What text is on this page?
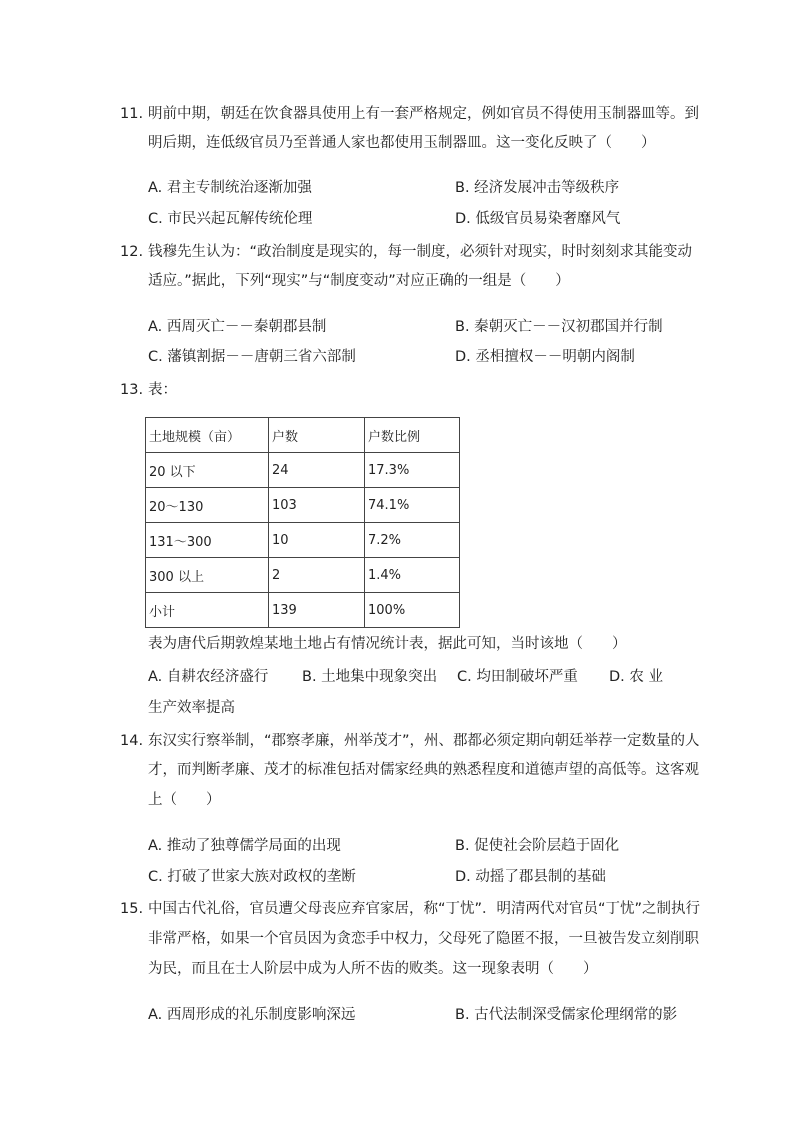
11. 明前中期，朝廷在饮食器具使用上有一套严格规定，例如官员不得使用玉制器皿等。到
明后期，连低级官员乃至普通人家也都使用玉制器皿。这一变化反映了（　　）
A. 君主专制统治逐渐加强	B. 经济发展冲击等级秩序
C. 市民兴起瓦解传统伦理	D. 低级官员易染奢靡风气
12. 钱穆先生认为：“政治制度是现实的，每一制度，必须针对现实，时时刻刻求其能变动
适应。”据此，下列“现实”与“制度变动”对应正确的一组是（　　）
A. 西周灭亡－－秦朝郡县制	B. 秦朝灭亡－－汉初郡国并行制
C. 藩镇割据－－唐朝三省六部制	D. 丞相擅权－－明朝内阁制
13. 表：
土地规模（亩）	户数	户数比例
20 以下	24	17.3%
20～130	103	74.1%
131～300	10	7.2%
300 以上	2	1.4%
小计	139	100%
表为唐代后期敦煌某地土地占有情况统计表，据此可知，当时该地（　　）
A. 自耕农经济盛行 B. 土地集中现象突出 C. 均田制破坏严重 D. 农 业
生产效率提高
14. 东汉实行察举制，“郡察孝廉，州举茂才”，州、郡都必须定期向朝廷举荐一定数量的人
才，而判断孝廉、茂才的标准包括对儒家经典的熟悉程度和道德声望的高低等。这客观
上（　　）
A. 推动了独尊儒学局面的出现	B. 促使社会阶层趋于固化
C. 打破了世家大族对政权的垄断	D. 动摇了郡县制的基础
15. 中国古代礼俗，官员遭父母丧应弃官家居，称“丁忧”．明清两代对官员“丁忧”之制执行
非常严格，如果一个官员因为贪恋手中权力，父母死了隐匿不报，一旦被告发立刻削职
为民，而且在士人阶层中成为人所不齿的败类。这一现象表明（　　）
A. 西周形成的礼乐制度影响深远	B. 古代法制深受儒家伦理纲常的影
